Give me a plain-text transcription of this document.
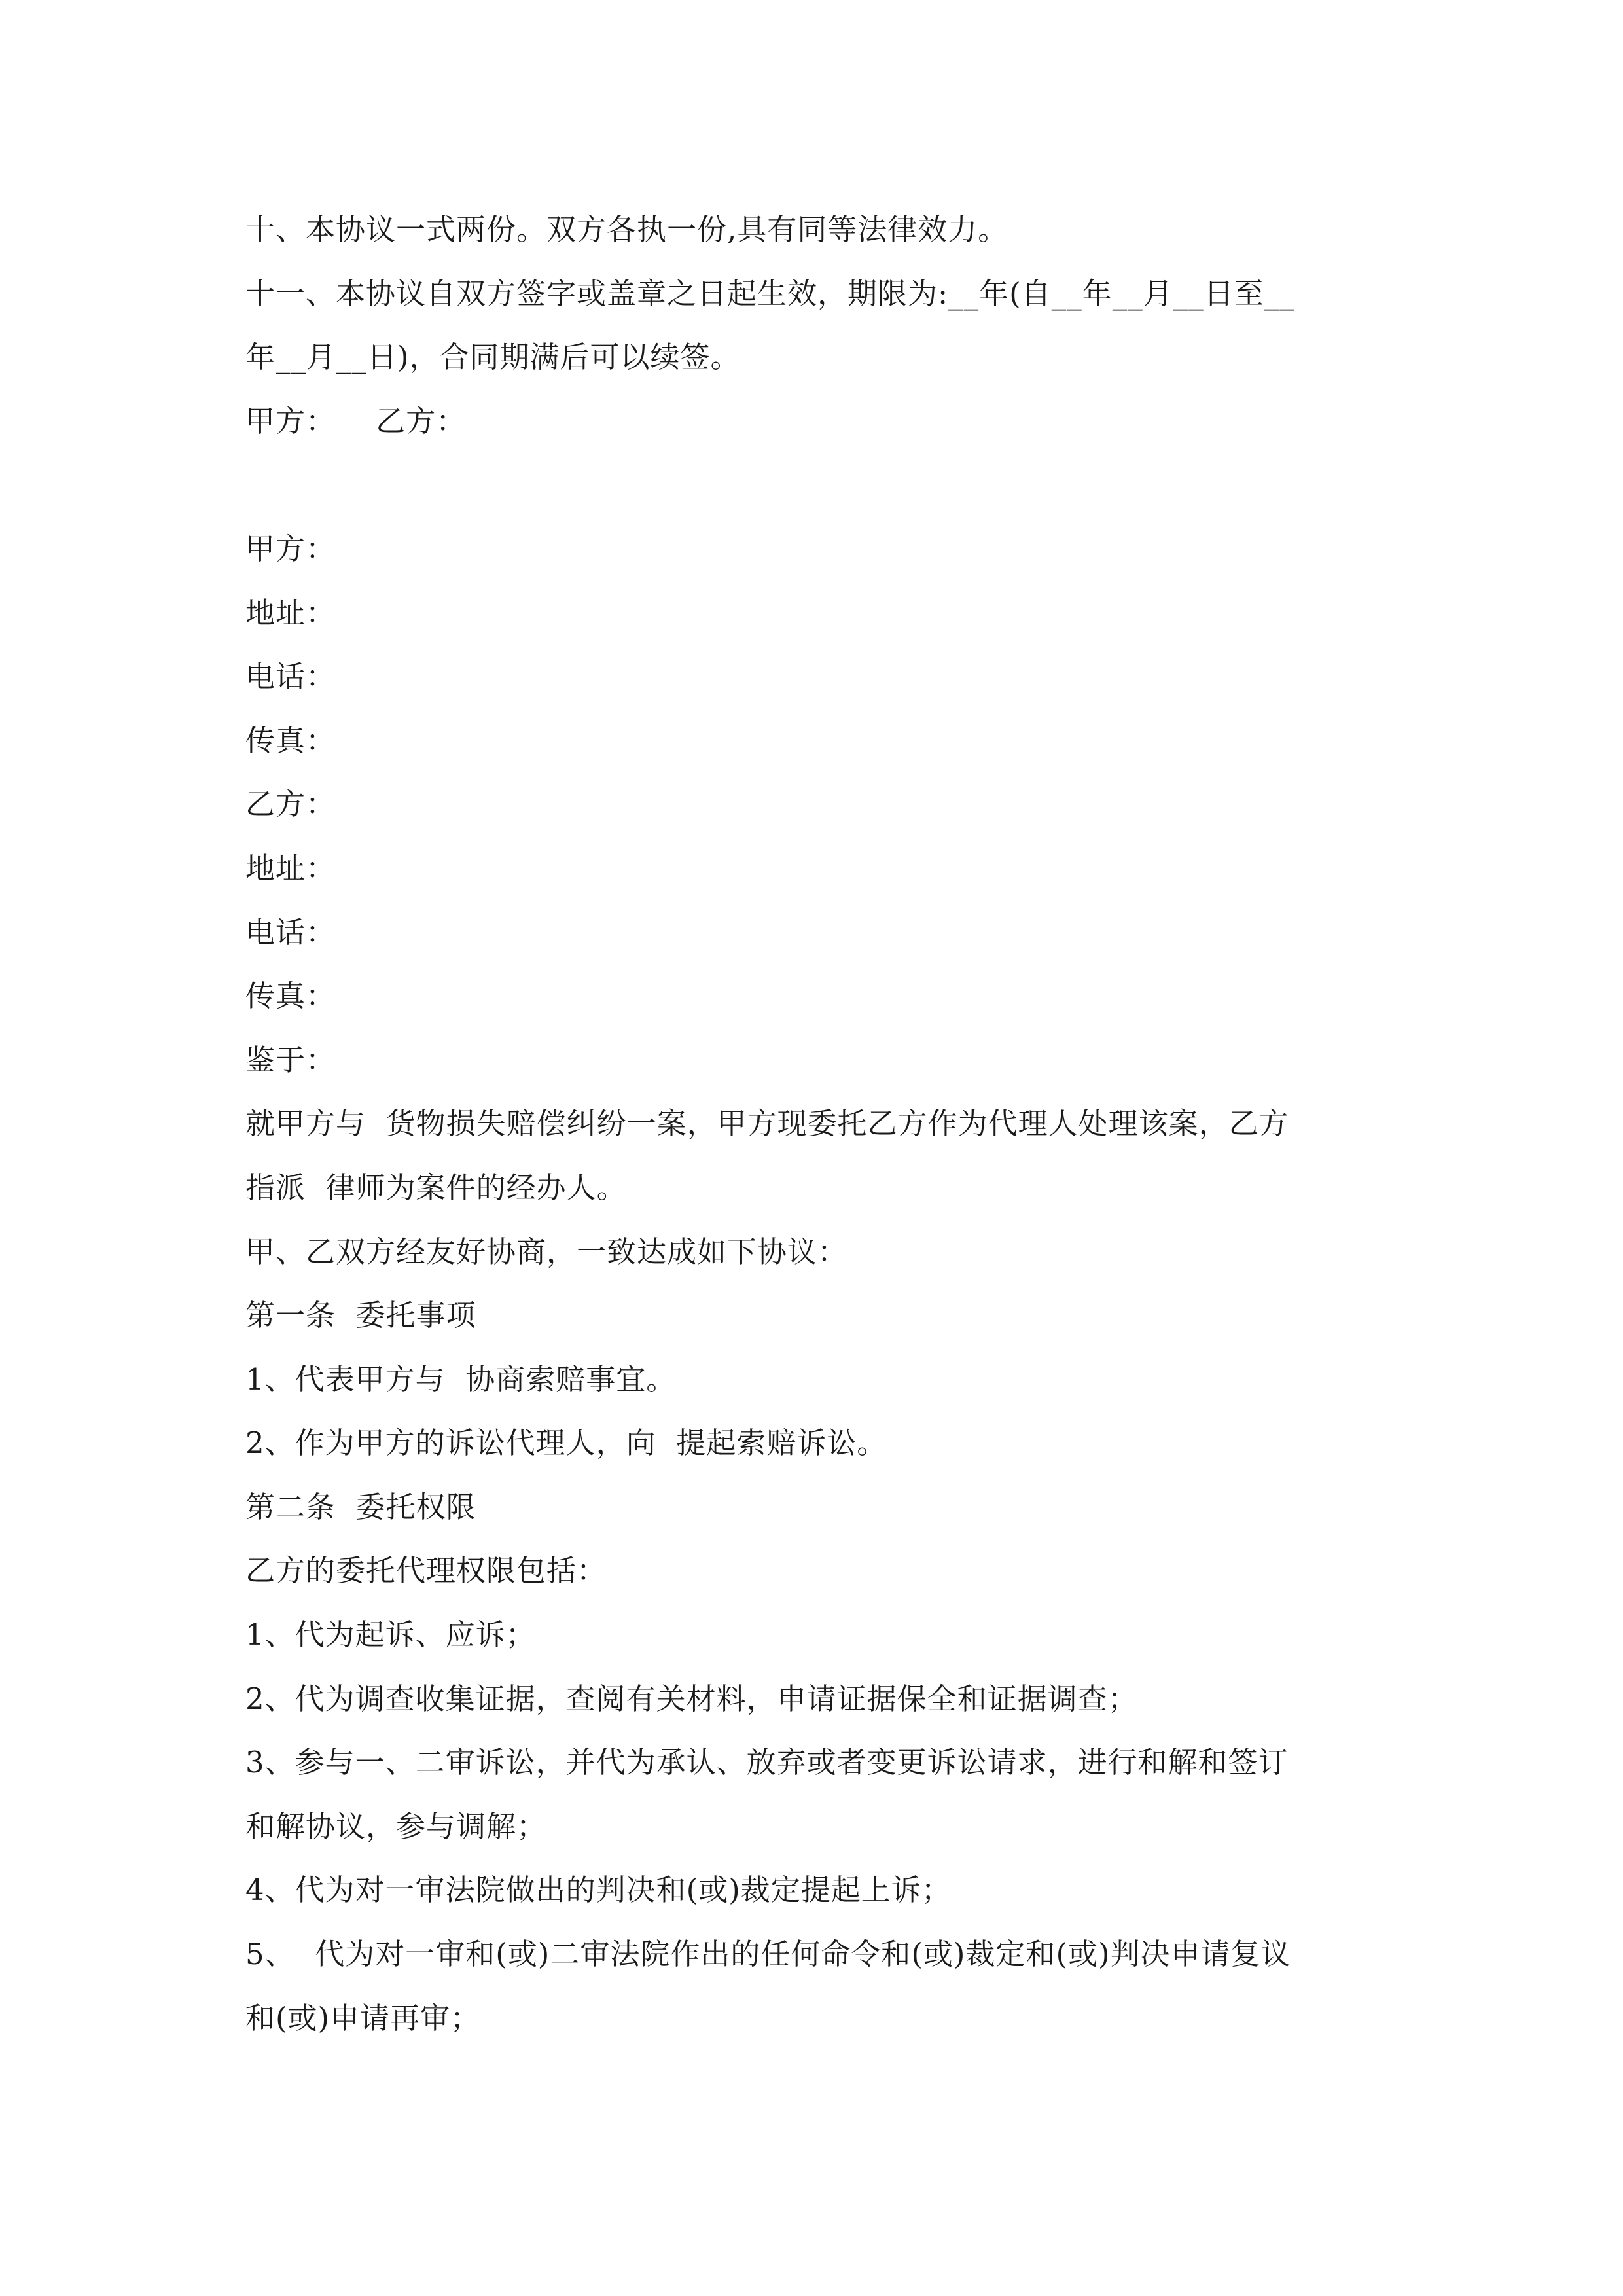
十、本协议一式两份。双方各执一份,具有同等法律效力。
十一、本协议自双方签字或盖章之日起生效，期限为:__年(自__年__月__日至__
年__月__日)，合同期满后可以续签。
甲方：    乙方：
甲方：
地址：
电话：
传真：
乙方：
地址：
电话：
传真：
鉴于：
就甲方与  货物损失赔偿纠纷一案，甲方现委托乙方作为代理人处理该案，乙方
指派  律师为案件的经办人。
甲、乙双方经友好协商，一致达成如下协议：
第一条  委托事项
1、代表甲方与  协商索赔事宜。
2、作为甲方的诉讼代理人，向  提起索赔诉讼。
第二条  委托权限
乙方的委托代理权限包括：
1、代为起诉、应诉；
2、代为调查收集证据，查阅有关材料，申请证据保全和证据调查；
3、参与一、二审诉讼，并代为承认、放弃或者变更诉讼请求，进行和解和签订
和解协议，参与调解；
4、代为对一审法院做出的判决和(或)裁定提起上诉；
5、  代为对一审和(或)二审法院作出的任何命令和(或)裁定和(或)判决申请复议
和(或)申请再审；
